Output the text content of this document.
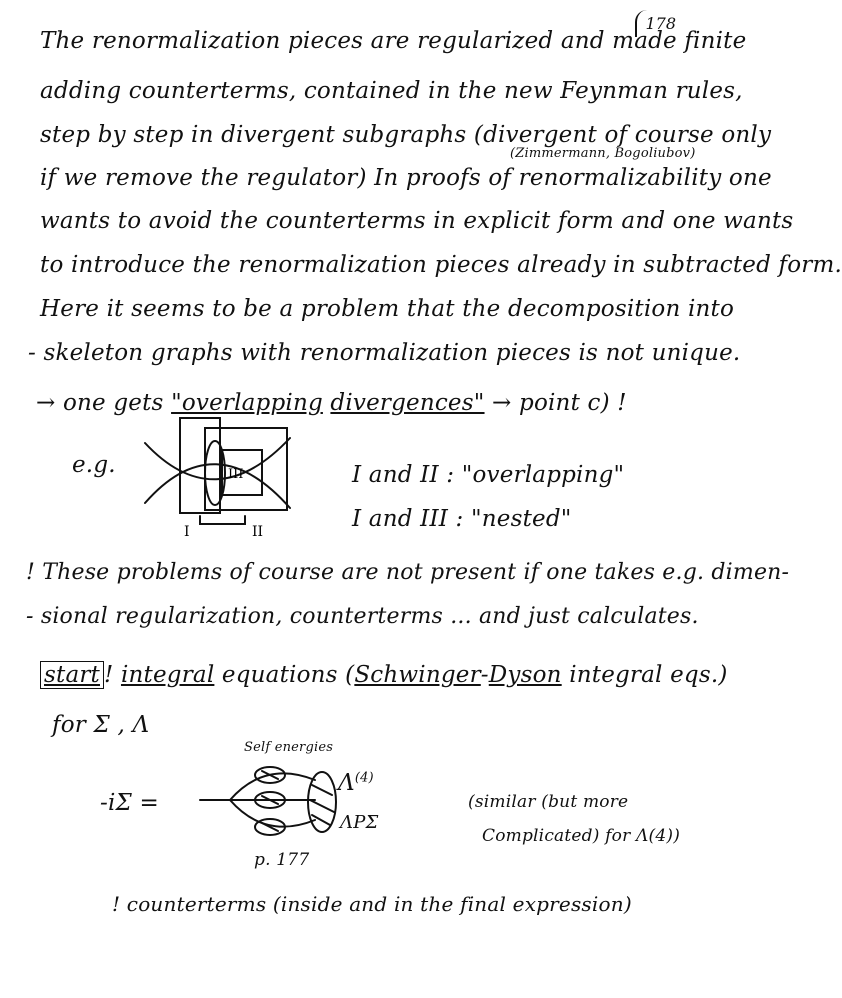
178
The renormalization pieces are regularized and made finite
adding counterterms, contained in the new Feynman rules,
step by step in divergent subgraphs (divergent of course only
(Zimmermann, Bogoliubov)
if we remove the regulator) In proofs of renormalizability one
wants to avoid the counterterms in explicit form and one wants
to introduce the renormalization pieces already in subtracted form.
Here it seems to be a problem that the decomposition into
- skeleton graphs with renormalization pieces is not unique.
→ one gets "overlapping divergences" → point c) !
e.g.
I	II
III	I and II : "overlapping"
I and III : "nested"
! These problems of course are not present if one takes e.g. dimen-
- sional regularization, counterterms ... and just calculates.
start ! integral equations (Schwinger-Dyson integral eqs.)
for Σ , Λ
Self energies
-iΣ =
$\Lambda^{(4)}$
ΛPΣ
p. 177
(similar (but more
Complicated) for Λ(4))
! counterterms (inside and in the final expression)
